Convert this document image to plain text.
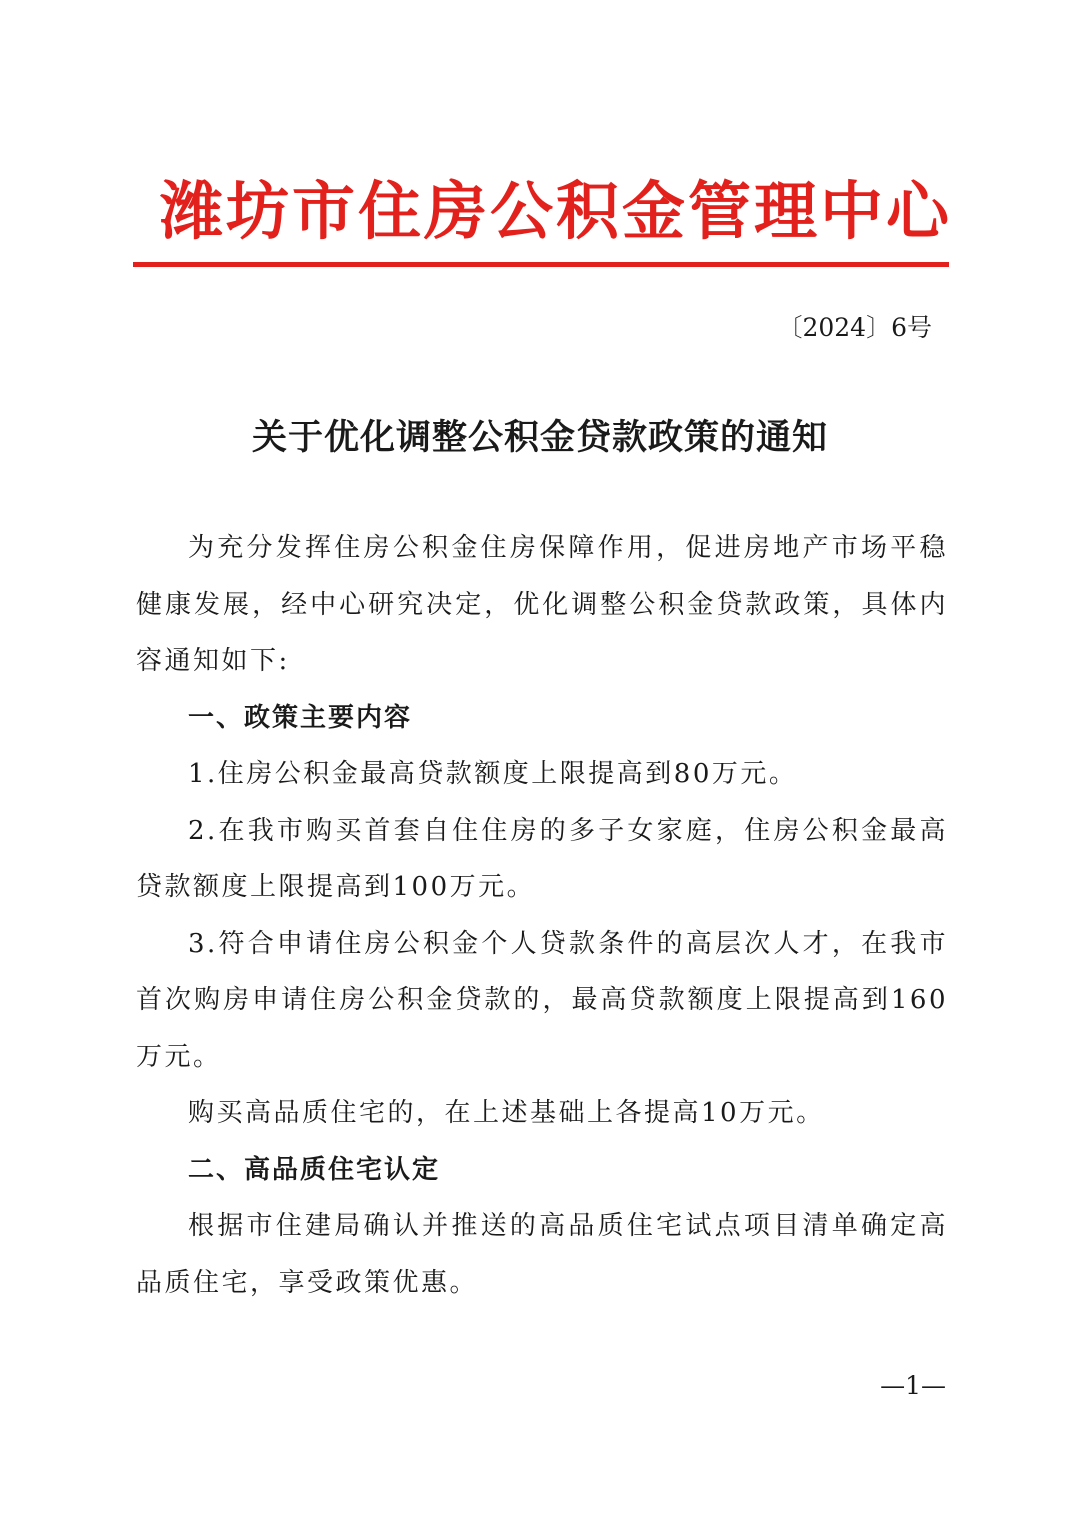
潍坊市住房公积金管理中心
〔2024〕6号
关于优化调整公积金贷款政策的通知

为充分发挥住房公积金住房保障作用，促进房地产市场平稳健康发展，经中心研究决定，优化调整公积金贷款政策，具体内容通知如下:

一、政策主要内容

1.住房公积金最高贷款额度上限提高到80万元。

2.在我市购买首套自住住房的多子女家庭，住房公积金最高贷款额度上限提高到100万元。

3.符合申请住房公积金个人贷款条件的高层次人才，在我市首次购房申请住房公积金贷款的，最高贷款额度上限提高到160万元。

购买高品质住宅的，在上述基础上各提高10万元。

二、高品质住宅认定

根据市住建局确认并推送的高品质住宅试点项目清单确定高品质住宅，享受政策优惠。

—1—
